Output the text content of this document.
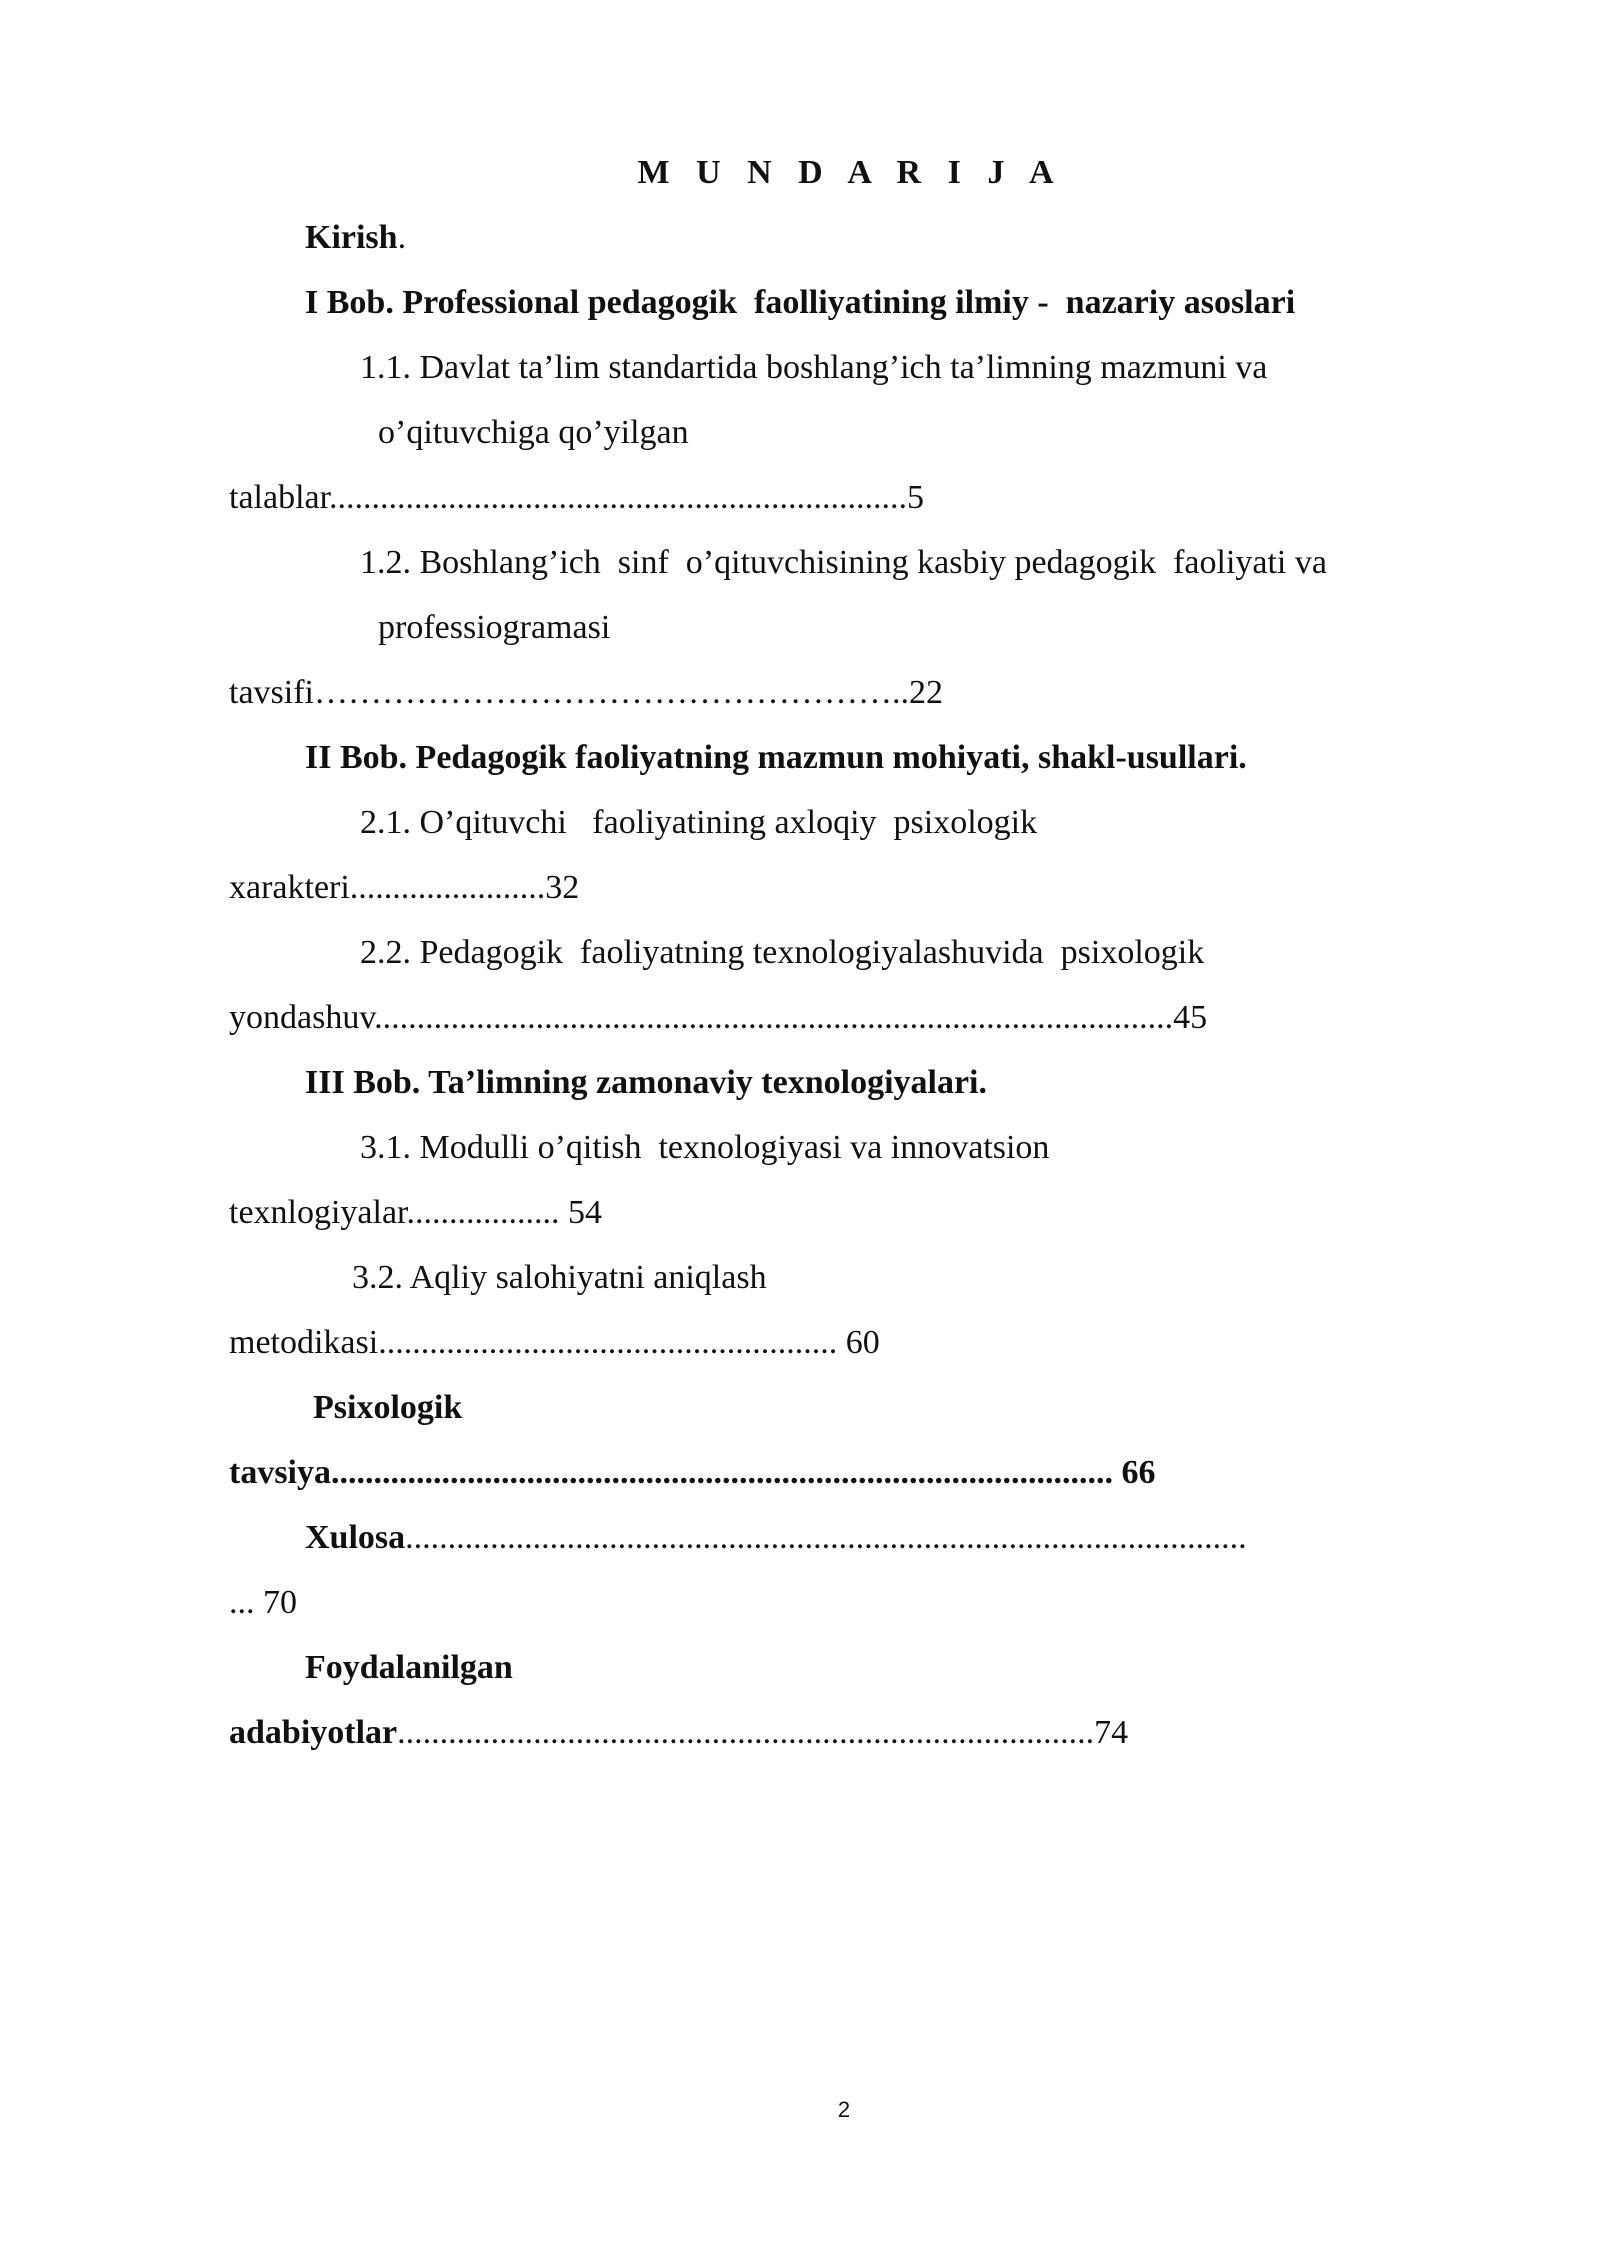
M U N D A R I J A
Kirish.
I Bob. Professional pedagogik  faolliyatining ilmiy -  nazariy asoslari
1.1. Davlat ta’lim standartida boshlang’ich ta’limning mazmuni va
o’qituvchiga qo’yilgan
talablar....................................................................5
1.2. Boshlang’ich  sinf  o’qituvchisining kasbiy pedagogik  faoliyati va
professiogramasi
tavsifi……………………………………………..22
II Bob. Pedagogik faoliyatning mazmun mohiyati, shakl-usullari.
2.1. O’qituvchi   faoliyatining axloqiy  psixologik
xarakteri.......................32
2.2. Pedagogik  faoliyatning texnologiyalashuvida  psixologik
yondashuv..............................................................................................45
III Bob. Ta’limning zamonaviy texnologiyalari.
3.1. Modulli o’qitish  texnologiyasi va innovatsion
texnlogiyalar.................. 54
3.2. Aqliy salohiyatni aniqlash
metodikasi...................................................... 60
Psixologik
tavsiya............................................................................................ 66
Xulosa...................................................................................................
... 70
Foydalanilgan
adabiyotlar..................................................................................74
2
